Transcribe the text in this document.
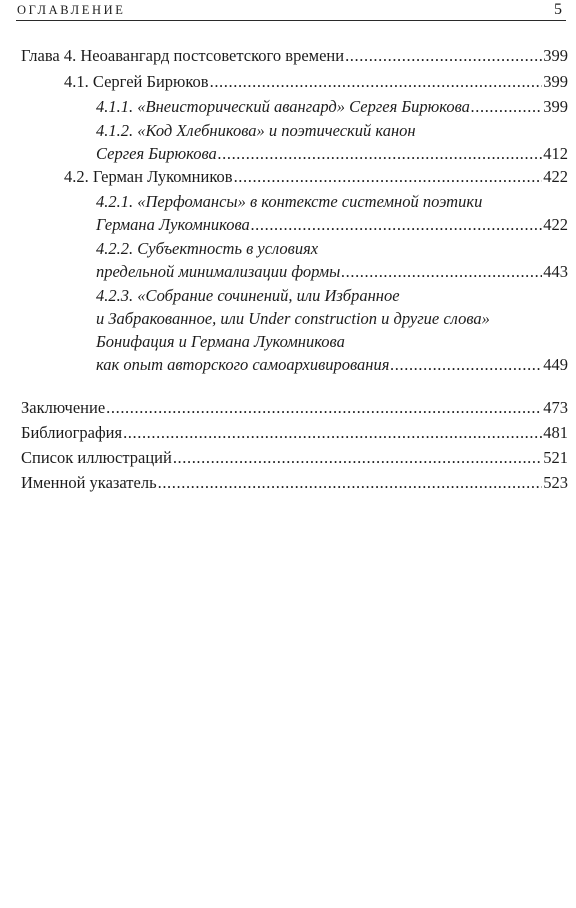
ОГЛАВЛЕНИЕ	5
Глава 4. Неоавангард постсоветского времени .....	399
4.1. Сергей Бирюков .....	399
4.1.1. «Внеисторический авангард» Сергея Бирюкова .....	399
4.1.2. «Код Хлебникова» и поэтический канон
Сергея Бирюкова .....	412
4.2. Герман Лукомников .....	422
4.2.1. «Перфомансы» в контексте системной поэтики
Германа Лукомникова .....	422
4.2.2. Субъектность в условиях
предельной минимализации формы .....	443
4.2.3. «Собрание сочинений, или Избранное
и Забракованное, или Under construction и другие слова»
Бонифация и Германа Лукомникова
как опыт авторского самоархивирования .....	449
Заключение .....	473
Библиография .....	481
Список иллюстраций .....	521
Именной указатель .....	523
